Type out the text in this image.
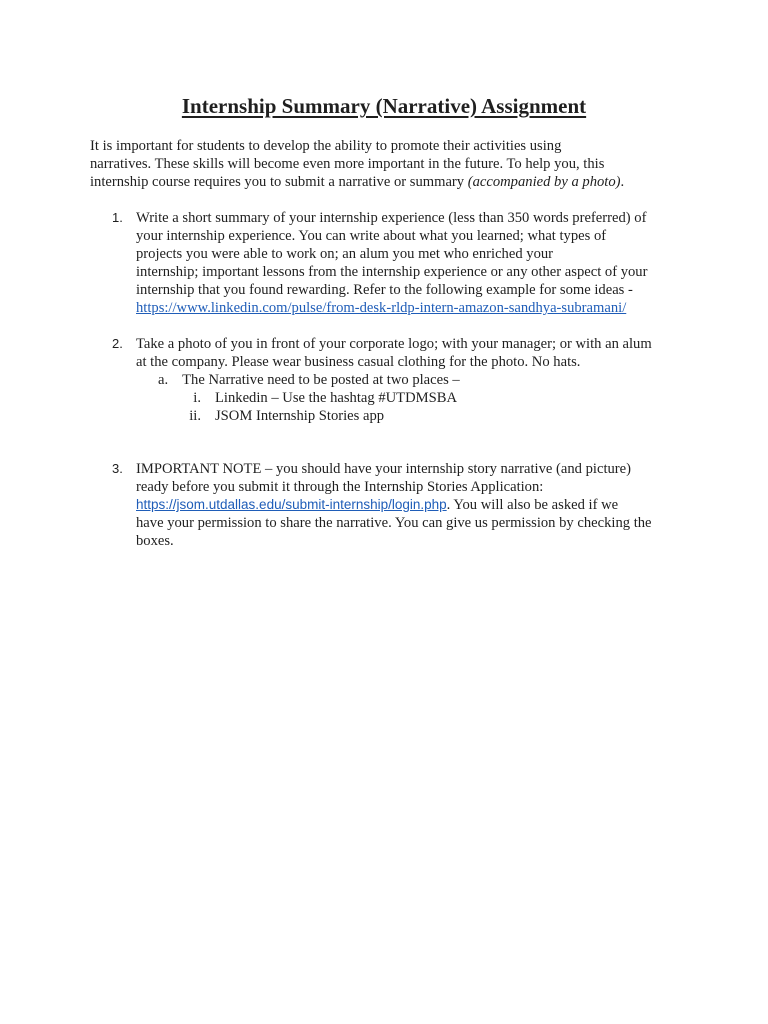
Internship Summary (Narrative) Assignment

It is important for students to develop the ability to promote their activities using
narratives. These skills will become even more important in the future. To help you, this
internship course requires you to submit a narrative or summary (accompanied by a photo).

1. Write a short summary of your internship experience (less than 350 words preferred) of
your internship experience. You can write about what you learned; what types of
projects you were able to work on; an alum you met who enriched your
internship; important lessons from the internship experience or any other aspect of your
internship that you found rewarding. Refer to the following example for some ideas -
https://www.linkedin.com/pulse/from-desk-rldp-intern-amazon-sandhya-subramani/
2. Take a photo of you in front of your corporate logo; with your manager; or with an alum
at the company. Please wear business casual clothing for the photo. No hats.
a. The Narrative need to be posted at two places –
i. Linkedin – Use the hashtag #UTDMSBA
ii. JSOM Internship Stories app
3. IMPORTANT NOTE – you should have your internship story narrative (and picture)
ready before you submit it through the Internship Stories Application:
https://jsom.utdallas.edu/submit-internship/login.php. You will also be asked if we
have your permission to share the narrative. You can give us permission by checking the
boxes.
